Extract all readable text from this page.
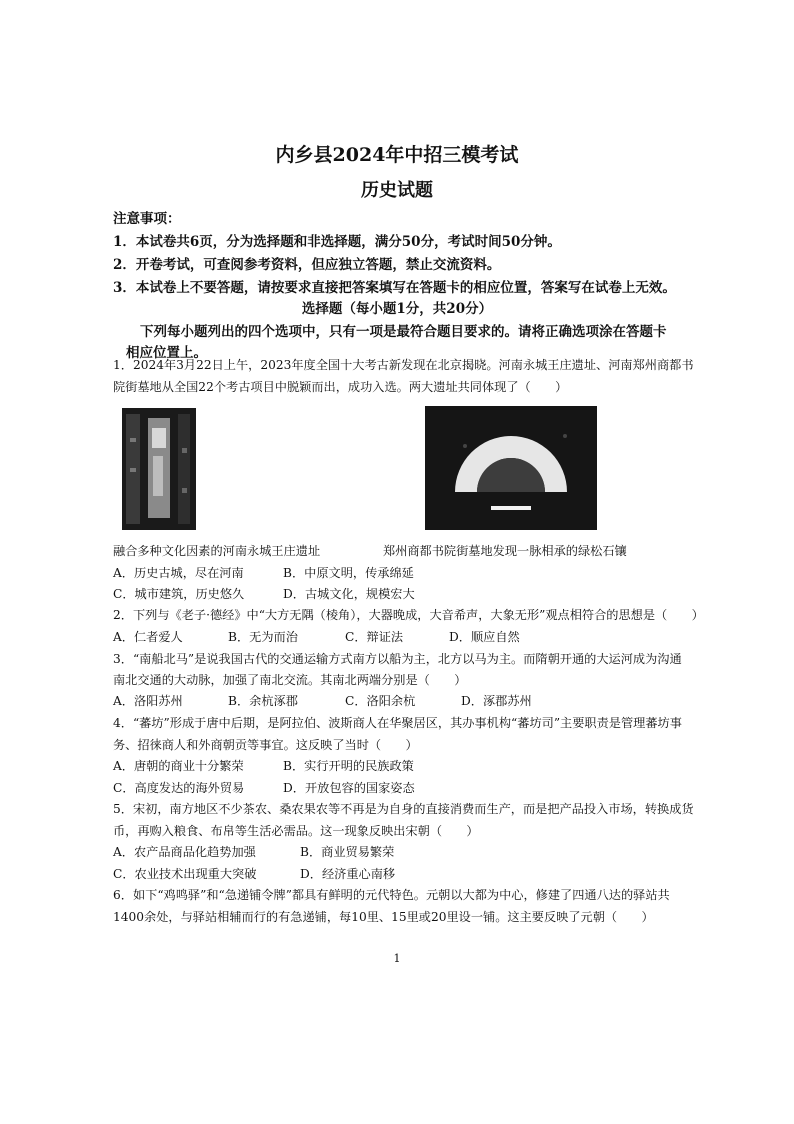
内乡县2024年中招三模考试
历史试题
注意事项：
1．本试卷共6页，分为选择题和非选择题，满分50分，考试时间50分钟。
2．开卷考试，可查阅参考资料，但应独立答题，禁止交流资料。
3．本试卷上不要答题，请按要求直接把答案填写在答题卡的相应位置，答案写在试卷上无效。
选择题（每小题1分，共20分）
下列每小题列出的四个选项中，只有一项是最符合题目要求的。请将正确选项涂在答题卡
相应位置上。
1．2024年3月22日上午，2023年度全国十大考古新发现在北京揭晓。河南永城王庄遗址、河南郑州商都书
院街墓地从全国22个考古项目中脱颖而出，成功入选。两大遗址共同体现了（　　）
融合多种文化因素的河南永城王庄遗址	郑州商都书院街墓地发现一脉相承的绿松石镶
A．历史古城，尽在河南	B．中原文明，传承绵延
C．城市建筑，历史悠久	D．古城文化，规模宏大
2．下列与《老子·德经》中“大方无隅（棱角），大器晚成，大音希声，大象无形”观点相符合的思想是（　　）
A．仁者爱人	B．无为而治	C．辩证法	D．顺应自然
3．“南船北马”是说我国古代的交通运输方式南方以船为主，北方以马为主。而隋朝开通的大运河成为沟通
南北交通的大动脉，加强了南北交流。其南北两端分别是（　　）
A．洛阳苏州	B．余杭涿郡	C．洛阳余杭	D．涿郡苏州
4．“蕃坊”形成于唐中后期，是阿拉伯、波斯商人在华聚居区，其办事机构“蕃坊司”主要职责是管理蕃坊事
务、招徕商人和外商朝贡等事宜。这反映了当时（　　）
A．唐朝的商业十分繁荣	B．实行开明的民族政策
C．高度发达的海外贸易	D．开放包容的国家姿态
5．宋初，南方地区不少茶农、桑农果农等不再是为自身的直接消费而生产，而是把产品投入市场，转换成货
币，再购入粮食、布帛等生活必需品。这一现象反映出宋朝（　　）
A．农产品商品化趋势加强	B．商业贸易繁荣
C．农业技术出现重大突破	D．经济重心南移
6．如下“鸡鸣驿”和“急递铺令牌”都具有鲜明的元代特色。元朝以大都为中心，修建了四通八达的驿站共
1400余处，与驿站相辅而行的有急递铺，每10里、15里或20里设一铺。这主要反映了元朝（　　）
1
